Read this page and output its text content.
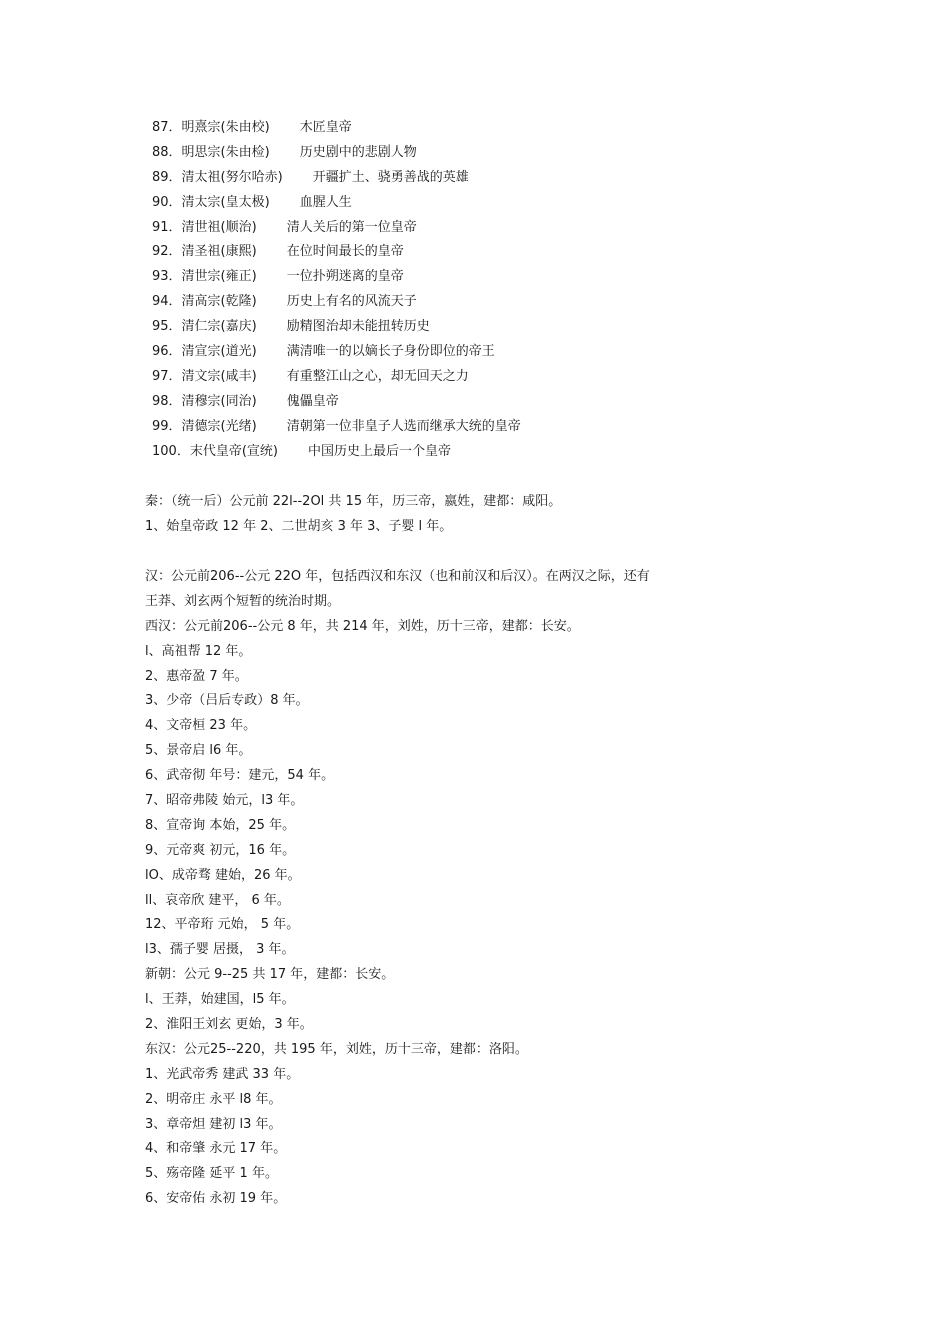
87．明熹宗(朱由校) 木匠皇帝
88．明思宗(朱由检) 历史剧中的悲剧人物
89．清太祖(努尔哈赤) 开疆扩土、骁勇善战的英雄
90．清太宗(皇太极) 血腥人生
91．清世祖(顺治) 清人关后的第一位皇帝
92．清圣祖(康熙) 在位时间最长的皇帝
93．清世宗(雍正) 一位扑朔迷离的皇帝
94．清高宗(乾隆) 历史上有名的风流天子
95．清仁宗(嘉庆) 励精图治却未能扭转历史
96．清宣宗(道光) 满清唯一的以嫡长子身份即位的帝王
97．清文宗(咸丰) 有重整江山之心，却无回天之力
98．清穆宗(同治) 傀儡皇帝
99．清德宗(光绪) 清朝第一位非皇子人选而继承大统的皇帝
100．末代皇帝(宣统) 中国历史上最后一个皇帝
秦：（统一后）公元前 22l--2Ol 共 15 年，历三帝，嬴姓，建都：咸阳。
1、始皇帝政 12 年 2、二世胡亥 3 年 3、子婴 l 年。
汉：公元前206--公元 22O 年，包括西汉和东汉（也和前汉和后汉）。在两汉之际，还有
王莽、刘玄两个短暂的统治时期。
西汉：公元前206--公元 8 年，共 214 年，刘姓，历十三帝，建都：长安。
l、高祖帮 12 年。
2、惠帝盈 7 年。
3、少帝（吕后专政）8 年。
4、文帝桓 23 年。
5、景帝启 l6 年。
6、武帝彻 年号：建元，54 年。
7、昭帝弗陵 始元，l3 年。
8、宣帝询 本始，25 年。
9、元帝爽 初元，16 年。
lO、成帝骛 建始，26 年。
ll、哀帝欣 建平， 6 年。
12、平帝珩 元始， 5 年。
l3、孺子婴 居摄， 3 年。
新朝：公元 9--25 共 17 年，建都：长安。
l、王莽，始建国，l5 年。
2、淮阳王刘玄 更始，3 年。
东汉：公元25--220，共 195 年，刘姓，历十三帝，建都：洛阳。
1、光武帝秀 建武 33 年。
2、明帝庄 永平 l8 年。
3、章帝炟 建初 l3 年。
4、和帝肇 永元 17 年。
5、殇帝隆 延平 1 年。
6、安帝佑 永初 19 年。
